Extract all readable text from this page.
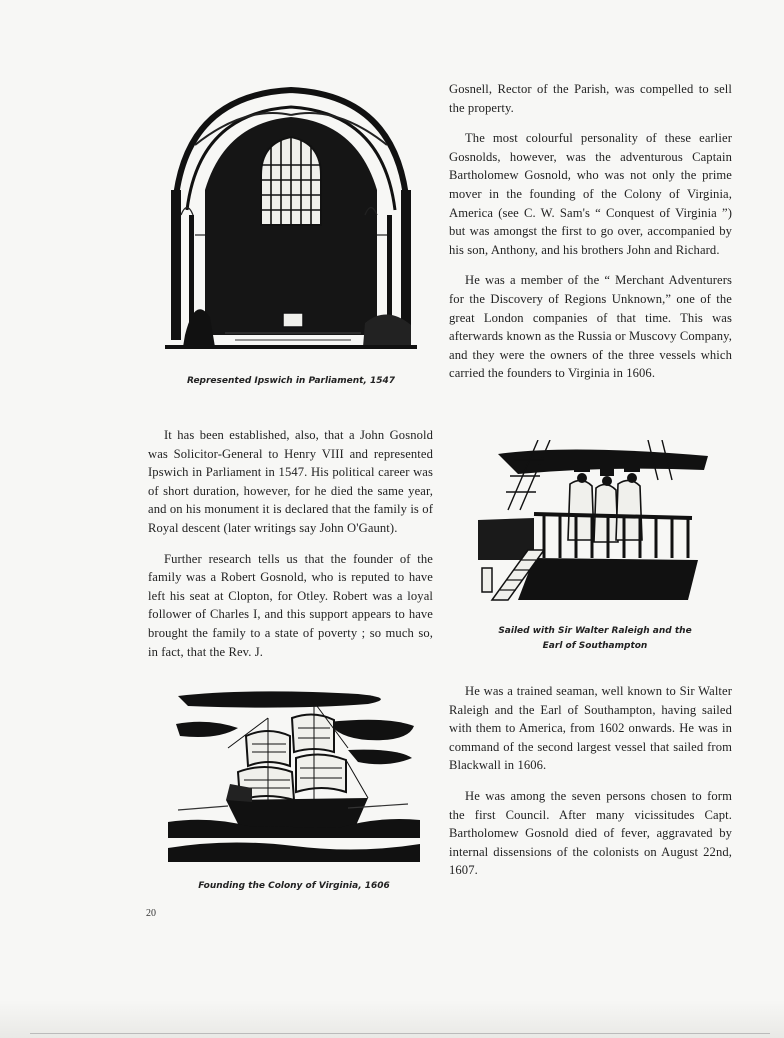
Represented Ipswich in Parliament, 1547

It has been established, also, that a John Gosnold was Solicitor-General to Henry VIII and represented Ipswich in Parliament in 1547. His political career was of short duration, however, for he died the same year, and on his monument it is declared that the family is of Royal descent (later writings say John O'Gaunt).

Further research tells us that the founder of the family was a Robert Gosnold, who is reputed to have left his seat at Clopton, for Otley. Robert was a loyal follower of Charles I, and this support appears to have brought the family to a state of poverty ; so much so, in fact, that the Rev. J.

Founding the Colony of Virginia, 1606

Gosnell, Rector of the Parish, was compelled to sell the property.

The most colourful personality of these earlier Gosnolds, however, was the adventurous Captain Bartholomew Gosnold, who was not only the prime mover in the founding of the Colony of Virginia, America (see C. W. Sam's “ Conquest of Virginia ”) but was amongst the first to go over, accompanied by his son, Anthony, and his brothers John and Richard.

He was a member of the “ Merchant Adventurers for the Discovery of Regions Unknown,” one of the great London companies of that time. This was afterwards known as the Russia or Muscovy Company, and they were the owners of the three vessels which carried the founders to Virginia in 1606.

Sailed with Sir Walter Raleigh and the
Earl of Southampton

He was a trained seaman, well known to Sir Walter Raleigh and the Earl of Southampton, having sailed with them to America, from 1602 onwards. He was in command of the second largest vessel that sailed from Blackwall in 1606.

He was among the seven persons chosen to form the first Council. After many vicissitudes Capt. Bartholomew Gosnold died of fever, aggravated by internal dissensions of the colonists on August 22nd, 1607.

20
